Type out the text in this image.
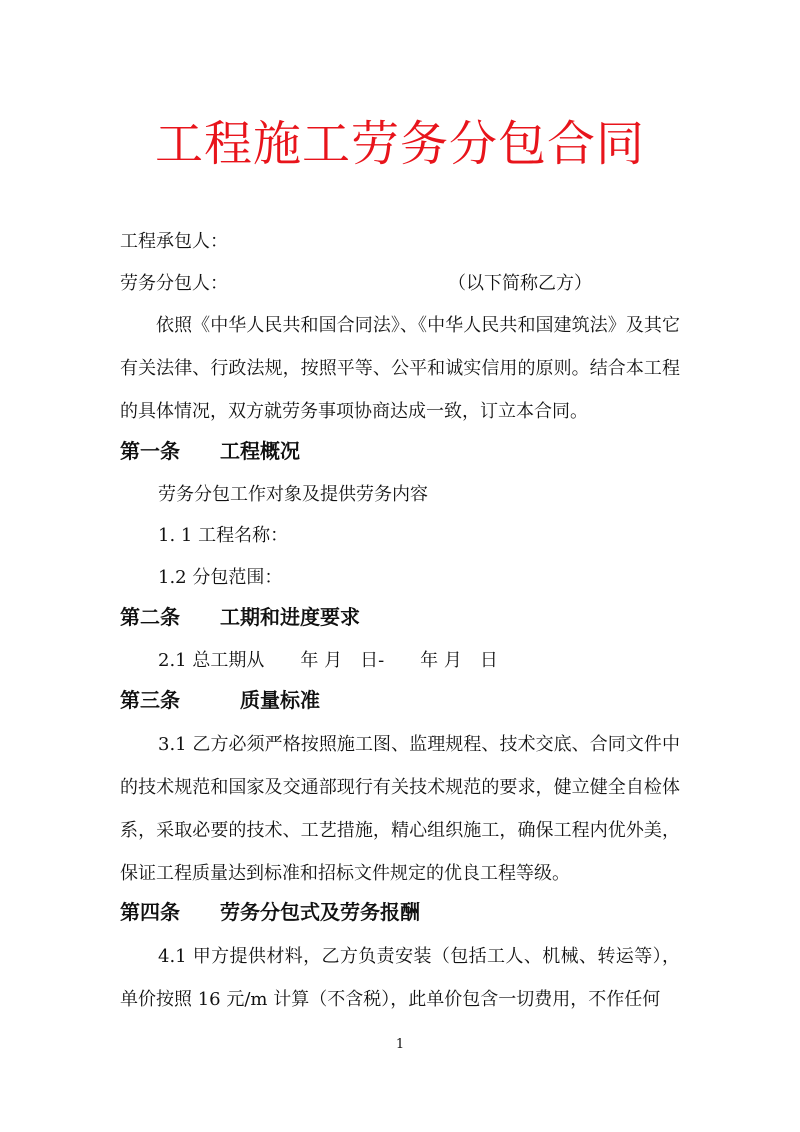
工程施工劳务分包合同
工程承包人：
劳务分包人：	（以下简称乙方）
依照《中华人民共和国合同法》、《中华人民共和国建筑法》及其它有关法律、行政法规，按照平等、公平和诚实信用的原则。结合本工程的具体情况，双方就劳务事项协商达成一致，订立本合同。
第一条　　工程概况
劳务分包工作对象及提供劳务内容
1. 1 工程名称：
1.2 分包范围：
第二条　　工期和进度要求
2.1 总工期从　　年 月　日-　　年 月　日
第三条　　　质量标准
3.1 乙方必须严格按照施工图、监理规程、技术交底、合同文件中的技术规范和国家及交通部现行有关技术规范的要求，健立健全自检体系，采取必要的技术、工艺措施，精心组织施工，确保工程内优外美，保证工程质量达到标准和招标文件规定的优良工程等级。
第四条　　劳务分包式及劳务报酬
4.1 甲方提供材料，乙方负责安装（包括工人、机械、转运等），单价按照 16 元/m 计算（不含税），此单价包含一切费用，不作任何
1
